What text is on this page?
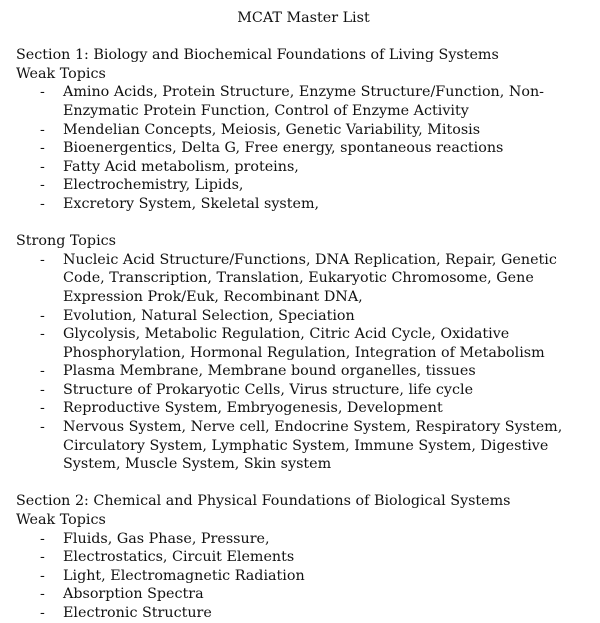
MCAT Master List

Section 1: Biology and Biochemical Foundations of Living Systems

Weak Topics

- Amino Acids, Protein Structure, Enzyme Structure/Function, Non-Enzymatic Protein Function, Control of Enzyme Activity
- Mendelian Concepts, Meiosis, Genetic Variability, Mitosis
- Bioenergentics, Delta G, Free energy, spontaneous reactions
- Fatty Acid metabolism, proteins,
- Electrochemistry, Lipids,
- Excretory System, Skeletal system,

Strong Topics

- Nucleic Acid Structure/Functions, DNA Replication, Repair, Genetic Code, Transcription, Translation, Eukaryotic Chromosome, Gene Expression Prok/Euk, Recombinant DNA,
- Evolution, Natural Selection, Speciation
- Glycolysis, Metabolic Regulation, Citric Acid Cycle, Oxidative Phosphorylation, Hormonal Regulation, Integration of Metabolism
- Plasma Membrane, Membrane bound organelles, tissues
- Structure of Prokaryotic Cells, Virus structure, life cycle
- Reproductive System, Embryogenesis, Development
- Nervous System, Nerve cell, Endocrine System, Respiratory System, Circulatory System, Lymphatic System, Immune System, Digestive System, Muscle System, Skin system

Section 2: Chemical and Physical Foundations of Biological Systems

Weak Topics

- Fluids, Gas Phase, Pressure,
- Electrostatics, Circuit Elements
- Light, Electromagnetic Radiation
- Absorption Spectra
- Electronic Structure
